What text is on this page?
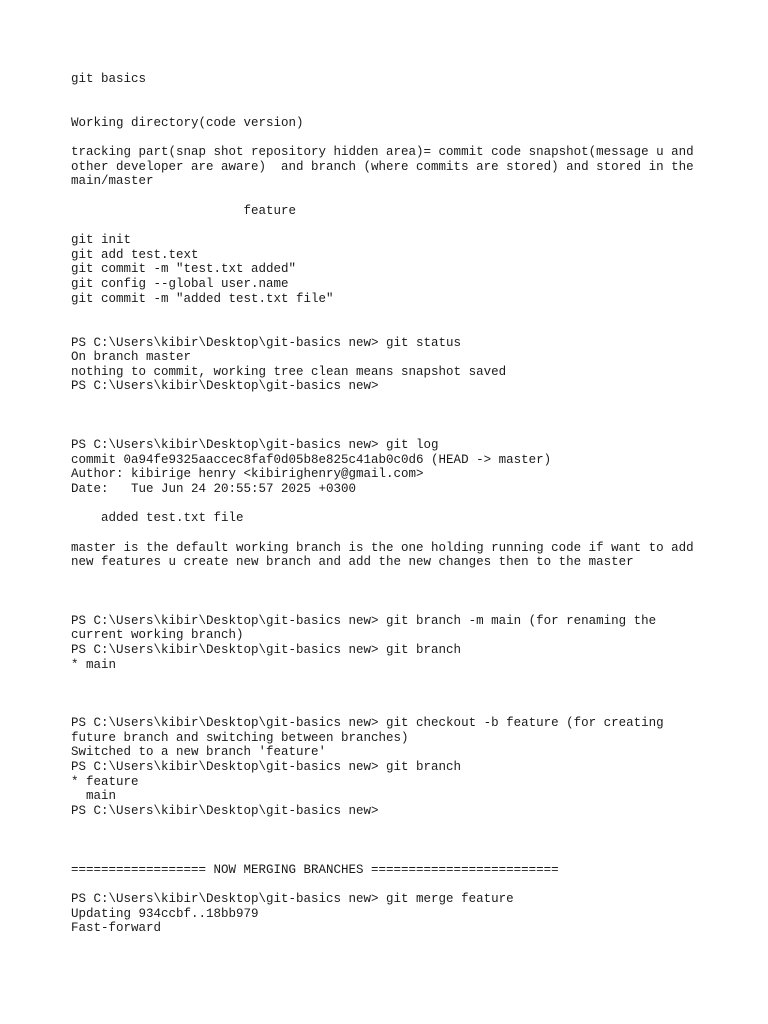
git basics
Working directory(code version)
tracking part(snap shot repository hidden area)= commit code snapshot(message u and
other developer are aware)  and branch (where commits are stored) and stored in the
main/master
feature
git init
git add test.text
git commit -m "test.txt added"
git config --global user.name
git commit -m "added test.txt file"
PS C:\Users\kibir\Desktop\git-basics new> git status
On branch master
nothing to commit, working tree clean means snapshot saved
PS C:\Users\kibir\Desktop\git-basics new>
PS C:\Users\kibir\Desktop\git-basics new> git log
commit 0a94fe9325aaccec8faf0d05b8e825c41ab0c0d6 (HEAD -> master)
Author: kibirige henry <kibirighenry@gmail.com>
Date:   Tue Jun 24 20:55:57 2025 +0300
added test.txt file
master is the default working branch is the one holding running code if want to add
new features u create new branch and add the new changes then to the master
PS C:\Users\kibir\Desktop\git-basics new> git branch -m main (for renaming the
current working branch)
PS C:\Users\kibir\Desktop\git-basics new> git branch
* main
PS C:\Users\kibir\Desktop\git-basics new> git checkout -b feature (for creating
future branch and switching between branches)
Switched to a new branch 'feature'
PS C:\Users\kibir\Desktop\git-basics new> git branch
* feature
main
PS C:\Users\kibir\Desktop\git-basics new>
================== NOW MERGING BRANCHES =========================
PS C:\Users\kibir\Desktop\git-basics new> git merge feature
Updating 934ccbf..18bb979
Fast-forward
